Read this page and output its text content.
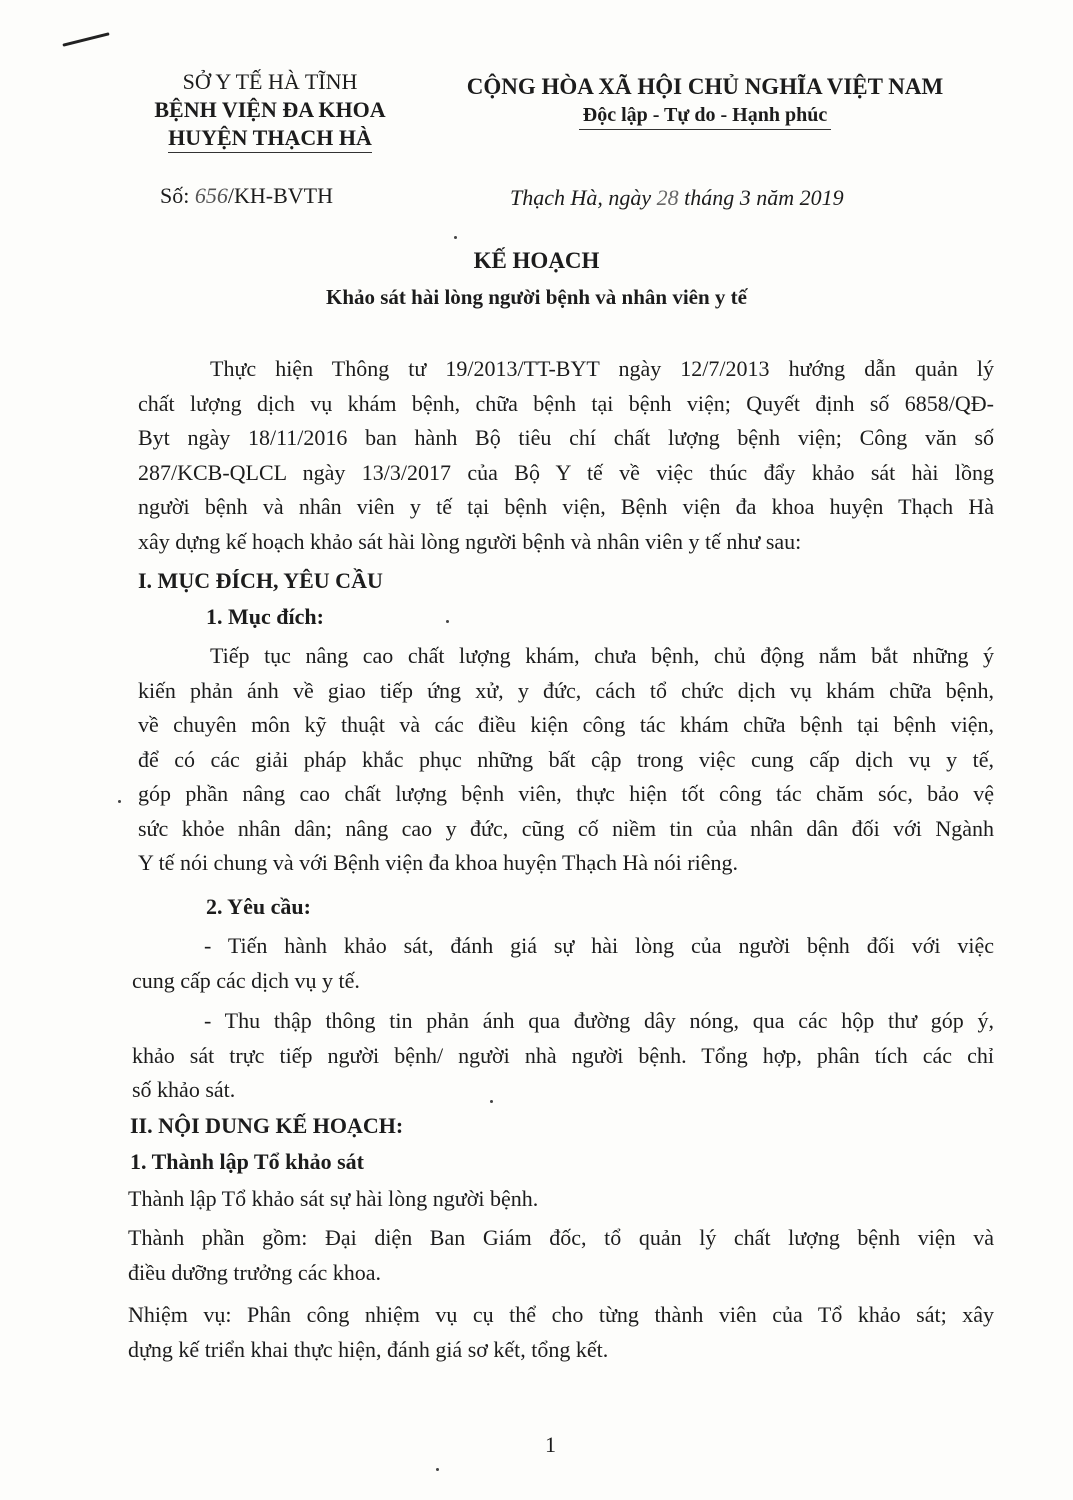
SỞ Y TẾ HÀ TĨNH
BỆNH VIỆN ĐA KHOA
HUYỆN THẠCH HÀ
CỘNG HÒA XÃ HỘI CHỦ NGHĨA VIỆT NAM
Độc lập - Tự do - Hạnh phúc
Số: 656/KH-BVTH	Thạch Hà, ngày 28 tháng 3 năm 2019
KẾ HOẠCH
Khảo sát hài lòng người bệnh và nhân viên y tế
Thực hiện Thông tư 19/2013/TT-BYT ngày 12/7/2013 hướng dẫn quản lý
chất lượng dịch vụ khám bệnh, chữa bệnh tại bệnh viện; Quyết định số 6858/QĐ-
Byt ngày 18/11/2016 ban hành Bộ tiêu chí chất lượng bệnh viện; Công văn số
287/KCB-QLCL ngày 13/3/2017 của Bộ Y tế về việc thúc đẩy khảo sát hài lồng
người bệnh và nhân viên y tế tại bệnh viện, Bệnh viện đa khoa huyện Thạch Hà
xây dựng kế hoạch khảo sát hài lòng người bệnh và nhân viên y tế như sau:
I. MỤC ĐÍCH, YÊU CẦU
1. Mục đích:
Tiếp tục nâng cao chất lượng khám, chưa bệnh, chủ động nắm bắt những ý
kiến phản ánh về giao tiếp ứng xử, y đức, cách tổ chức dịch vụ khám chữa bệnh,
về chuyên môn kỹ thuật và các điều kiện công tác khám chữa bệnh tại bệnh viện,
để có các giải pháp khắc phục những bất cập trong việc cung cấp dịch vụ y tế,
góp phần nâng cao chất lượng bệnh viên, thực hiện tốt công tác chăm sóc, bảo vệ
sức khỏe nhân dân; nâng cao y đức, cũng cố niềm tin của nhân dân đối với Ngành
Y tế nói chung và với Bệnh viện đa khoa huyện Thạch Hà nói riêng.
2. Yêu cầu:
- Tiến hành khảo sát, đánh giá sự hài lòng của người bệnh đối với việc
cung cấp các dịch vụ y tế.
- Thu thập thông tin phản ánh qua đường dây nóng, qua các hộp thư góp ý,
khảo sát trực tiếp người bệnh/ người nhà người bệnh. Tổng hợp, phân tích các chỉ
số khảo sát.
II. NỘI DUNG KẾ HOẠCH:
1. Thành lập Tổ khảo sát
Thành lập Tổ khảo sát sự hài lòng người bệnh.
Thành phần gồm: Đại diện Ban Giám đốc, tổ quản lý chất lượng bệnh viện và
điều dưỡng trưởng các khoa.
Nhiệm vụ: Phân công nhiệm vụ cụ thể cho từng thành viên của Tổ khảo sát; xây
dựng kế triển khai thực hiện, đánh giá sơ kết, tổng kết.
1
